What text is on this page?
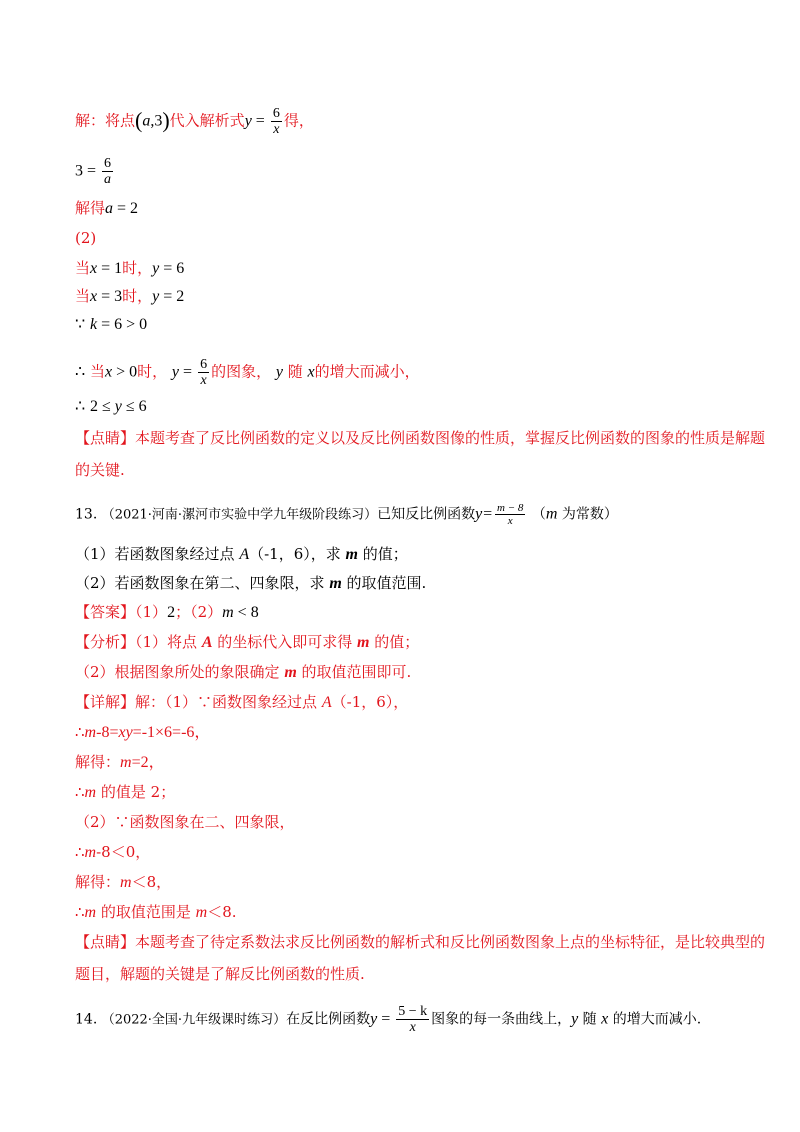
解：将点(a,3)代入解析式$y = \frac{6}{x}$ 得，
$3 = \frac{6}{a}$
解得a = 2
(2)
当x = 1时，y = 6
当x = 3时，y = 2
∵ k = 6 > 0
∴ 当x > 0时， $y = \frac{6}{x}$ 的图象， y 随 x的增大而减小，
∴ 2 ≤ y ≤ 6
【点睛】本题考查了反比例函数的定义以及反比例函数图像的性质，掌握反比例函数的图象的性质是解题
的关键.
13. （2021·河南·漯河市实验中学九年级阶段练习）已知反比例函数$y= \frac{m - 8}{x} (m$ 为常数）
（1）若函数图象经过点 A（-1，6），求 m 的值；
（2）若函数图象在第二、四象限，求 m 的取值范围.
【答案】（1）2；（2）m < 8
【分析】（1）将点 A 的坐标代入即可求得 m 的值；
（2）根据图象所处的象限确定 m 的取值范围即可.
【详解】解：（1）∵函数图象经过点 A（-1，6），
∴m-8=xy=-1×6=-6，
解得：m=2，
∴m 的值是 2；
（2）∵函数图象在二、四象限，
∴m-8＜0，
解得：m＜8，
∴m 的取值范围是 m＜8.
【点睛】本题考查了待定系数法求反比例函数的解析式和反比例函数图象上点的坐标特征，是比较典型的
题目，解题的关键是了解反比例函数的性质.
14. （2022·全国·九年级课时练习）在反比例函数$y = \frac{5 - k}{x}$ 图象的每一条曲线上，y 随 x 的增大而减小.
